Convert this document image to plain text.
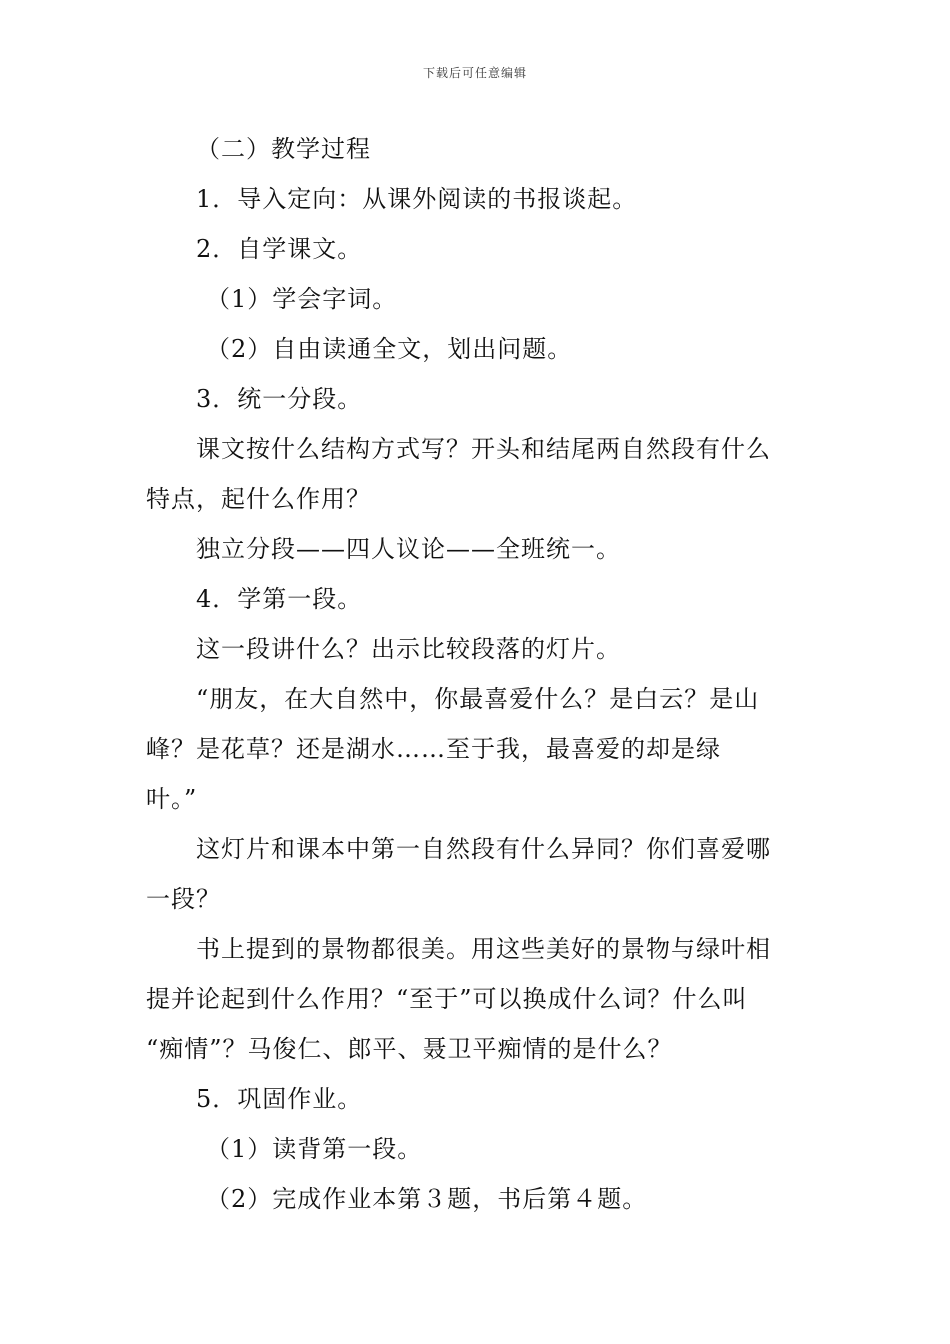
下载后可任意编辑
（二）教学过程
1．导入定向：从课外阅读的书报谈起。
2．自学课文。
（1）学会字词。
（2）自由读通全文，划出问题。
3．统一分段。
课文按什么结构方式写？开头和结尾两自然段有什么
特点，起什么作用？
独立分段——四人议论——全班统一。
4．学第一段。
这一段讲什么？出示比较段落的灯片。
“朋友，在大自然中，你最喜爱什么？是白云？是山
峰？是花草？还是湖水……至于我，最喜爱的却是绿
叶。”
这灯片和课本中第一自然段有什么异同？你们喜爱哪
一段？
书上提到的景物都很美。用这些美好的景物与绿叶相
提并论起到什么作用？“至于”可以换成什么词？什么叫
“痴情”？马俊仁、郎平、聂卫平痴情的是什么？
5．巩固作业。
（1）读背第一段。
（2）完成作业本第３题，书后第４题。
